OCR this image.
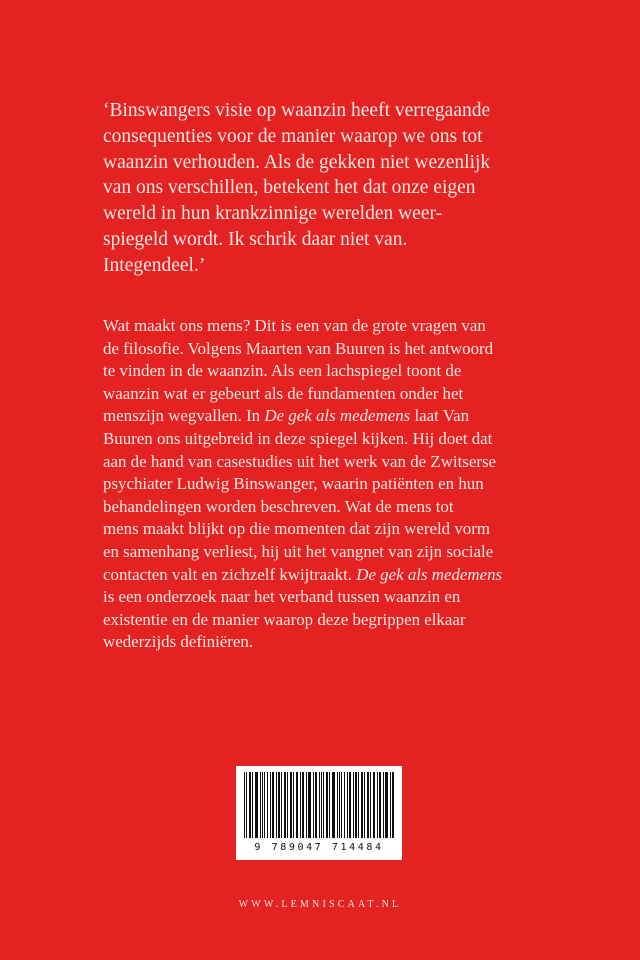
‘Binswangers visie op waanzin heeft verregaande
consequenties voor de manier waarop we ons tot
waanzin verhouden. Als de gekken niet wezenlijk
van ons verschillen, betekent het dat onze eigen
wereld in hun krankzinnige werelden weer-
spiegeld wordt. Ik schrik daar niet van.
Integendeel.’
Wat maakt ons mens? Dit is een van de grote vragen van
de filosofie. Volgens Maarten van Buuren is het antwoord
te vinden in de waanzin. Als een lachspiegel toont de
waanzin wat er gebeurt als de fundamenten onder het
menszijn wegvallen. In De gek als medemens laat Van
Buuren ons uitgebreid in deze spiegel kijken. Hij doet dat
aan de hand van casestudies uit het werk van de Zwitserse
psychiater Ludwig Binswanger, waarin patiënten en hun
behandelingen worden beschreven. Wat de mens tot
mens maakt blijkt op die momenten dat zijn wereld vorm
en samenhang verliest, hij uit het vangnet van zijn sociale
contacten valt en zichzelf kwijtraakt. De gek als medemens
is een onderzoek naar het verband tussen waanzin en
existentie en de manier waarop deze begrippen elkaar
wederzijds definiëren.
9 789047 714484
WWW.LEMNISCAAT.NL
